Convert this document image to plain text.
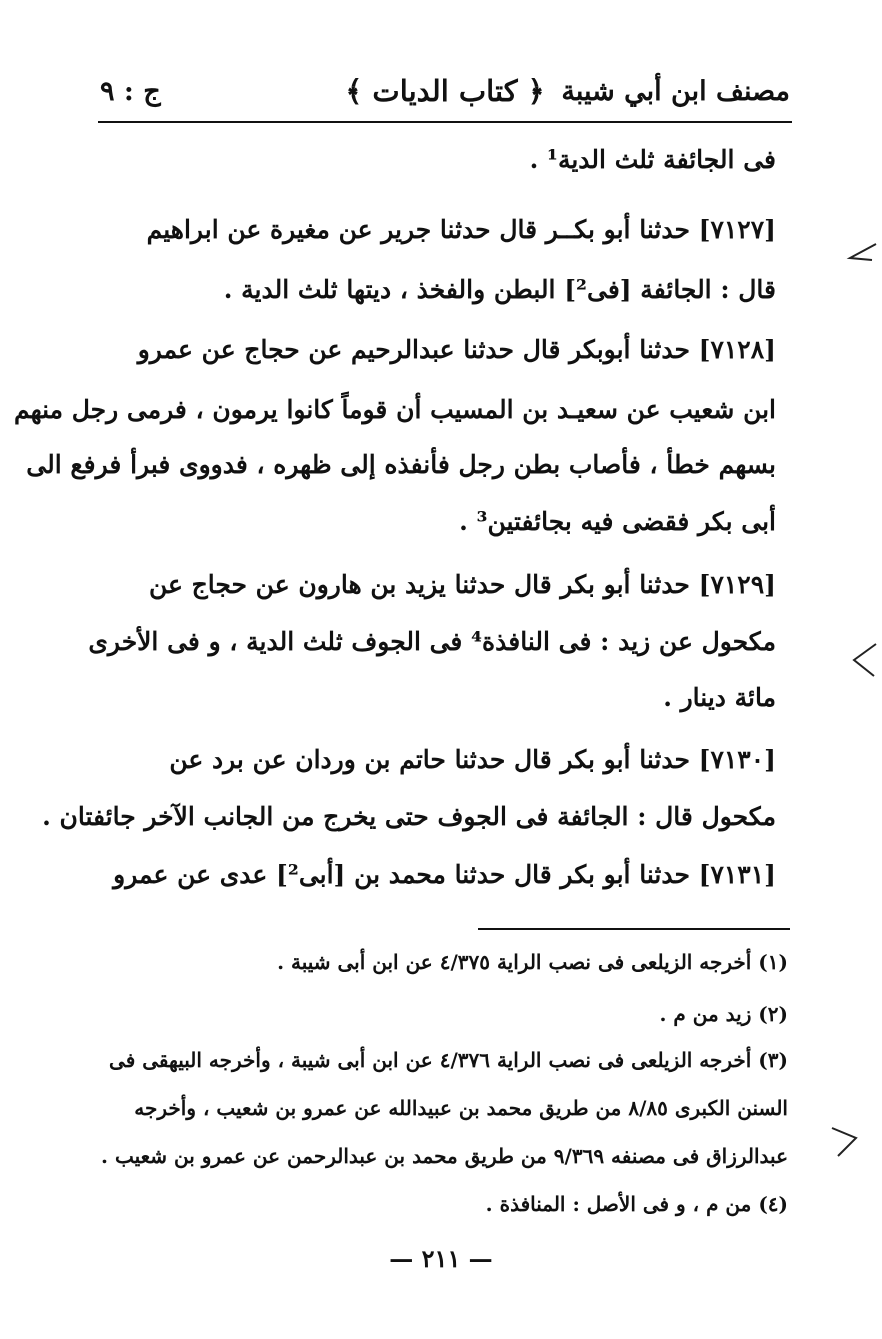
مصنف ابن أبي شيبة
﴿ كتاب الديات ﴾
ج : ٩
فى الجائفة ثلث الدية¹ .
[٧١٢٧] حدثنا أبو بكــر قال حدثنا جرير عن مغيرة عن ابراهيم
قال : الجائفة [فى²] البطن والفخذ ، ديتها ثلث الدية .
[٧١٢٨] حدثنا أبوبكر قال حدثنا عبدالرحيم عن حجاج عن عمرو
ابن شعيب عن سعيـد بن المسيب أن قوماً كانوا يرمون ، فرمى رجل منهم
بسهم خطأ ، فأصاب بطن رجل فأنفذه إلى ظهره ، فدووى فبرأ فرفع الى
أبى بكر فقضى فيه بجائفتين³ .
[٧١٢٩] حدثنا أبو بكر قال حدثنا يزيد بن هارون عن حجاج عن
مكحول عن زيد : فى النافذة⁴ فى الجوف ثلث الدية ، و فى الأخرى
مائة دينار .
[٧١٣٠] حدثنا أبو بكر قال حدثنا حاتم بن وردان عن برد عن
مكحول قال : الجائفة فى الجوف حتى يخرج من الجانب الآخر جائفتان .
[٧١٣١] حدثنا أبو بكر قال حدثنا محمد بن [أبى²] عدى عن عمرو
(١) أخرجه الزيلعى فى نصب الراية ٤/٣٧٥ عن ابن أبى شيبة .
(٢) زيد من م .
(٣) أخرجه الزيلعى فى نصب الراية ٤/٣٧٦ عن ابن أبى شيبة ، وأخرجه البيهقى فى
السنن الكبرى ٨/٨٥ من طريق محمد بن عبيدالله عن عمرو بن شعيب ، وأخرجه
عبدالرزاق فى مصنفه ٩/٣٦٩ من طريق محمد بن عبدالرحمن عن عمرو بن شعيب .
(٤) من م ، و فى الأصل : المنافذة .
— ٢١١ —
